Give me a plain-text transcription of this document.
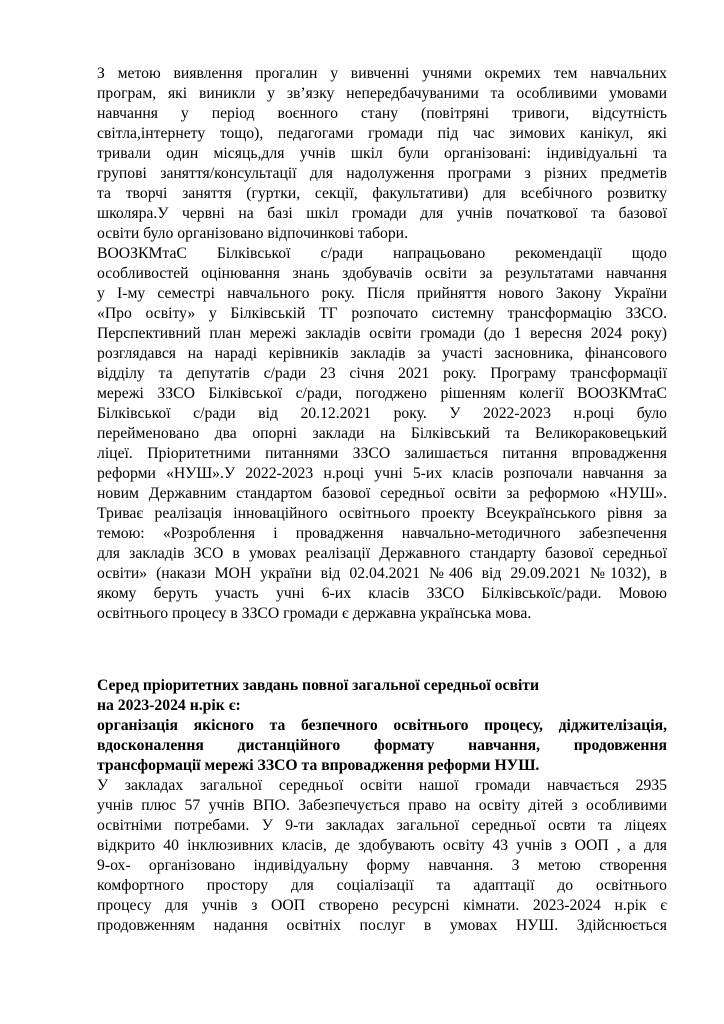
З метою виявлення прогалин у вивченні учнями окремих тем навчальних
програм, які виникли у зв’язку непередбачуваними та особливими умовами
навчання у період воєнного стану (повітряні тривоги, відсутність
світла,інтернету тощо), педагогами громади під час зимових канікул, які
тривали один місяць,для учнів шкіл були організовані: індивідуальні та
групові заняття/консультації для надолуження програми з різних предметів
та творчі заняття (гуртки, секції, факультативи) для всебічного розвитку
школяра.У червні на базі шкіл громади для учнів початкової та базової
освіти було організовано відпочинкові табори.
ВООЗКМтаС Білківської с/ради напрацьовано рекомендації щодо
особливостей оцінювання знань здобувачів освіти за результатами навчання
у І-му семестрі навчального року. Після прийняття нового Закону України
«Про освіту» у Білківській ТГ розпочато системну трансформацію ЗЗСО.
Перспективний план мережі закладів освіти громади (до 1 вересня 2024 року)
розглядався на нараді керівників закладів за участі засновника, фінансового
відділу та депутатів с/ради 23 січня 2021 року. Програму трансформації
мережі ЗЗСО Білківської с/ради, погоджено рішенням колегії ВООЗКМтаС
Білківської с/ради від 20.12.2021 року. У 2022-2023 н.році було
перейменовано два опорні заклади на Білківський та Великораковецький
ліцеї. Пріоритетними питаннями ЗЗСО залишається питання впровадження
реформи «НУШ».У 2022-2023 н.році учні 5-их класів розпочали навчання за
новим Державним стандартом базової середньої освіти за реформою «НУШ».
Триває реалізація інноваційного освітнього проекту Всеукраїнського рівня за
темою: «Розроблення і провадження навчально-методичного забезпечення
для закладів ЗСО в умовах реалізації Державного стандарту базової середньої
освіти» (накази МОН україни від 02.04.2021 №406 від 29.09.2021 №1032), в
якому беруть участь учні 6-их класів ЗЗСО Білківськоїс/ради. Мовою
освітнього процесу в ЗЗСО громади є державна українська мова.
Серед пріоритетних завдань повної загальної середньої освіти
на 2023-2024 н.рік є:
організація якісного та безпечного освітнього процесу, діджителізація,
вдосконалення дистанційного формату навчання, продовження
трансформації мережі ЗЗСО та впровадження реформи НУШ.
У закладах загальної середньої освіти нашої громади навчається 2935
учнів плюс 57 учнів ВПО. Забезпечується право на освіту дітей з особливими
освітніми потребами. У 9-ти закладах загальної середньої освти та ліцеях
відкрито 40 інклюзивних класів, де здобувають освіту 43 учнів з ООП , а для
9-ох- організовано індивідуальну форму навчання. З метою створення
комфортного простору для соціалізації та адаптації до освітнього
процесу для учнів з ООП створено ресурсні кімнати. 2023-2024 н.рік є
продовженням надання освітніх послуг в умовах НУШ. Здійснюється
